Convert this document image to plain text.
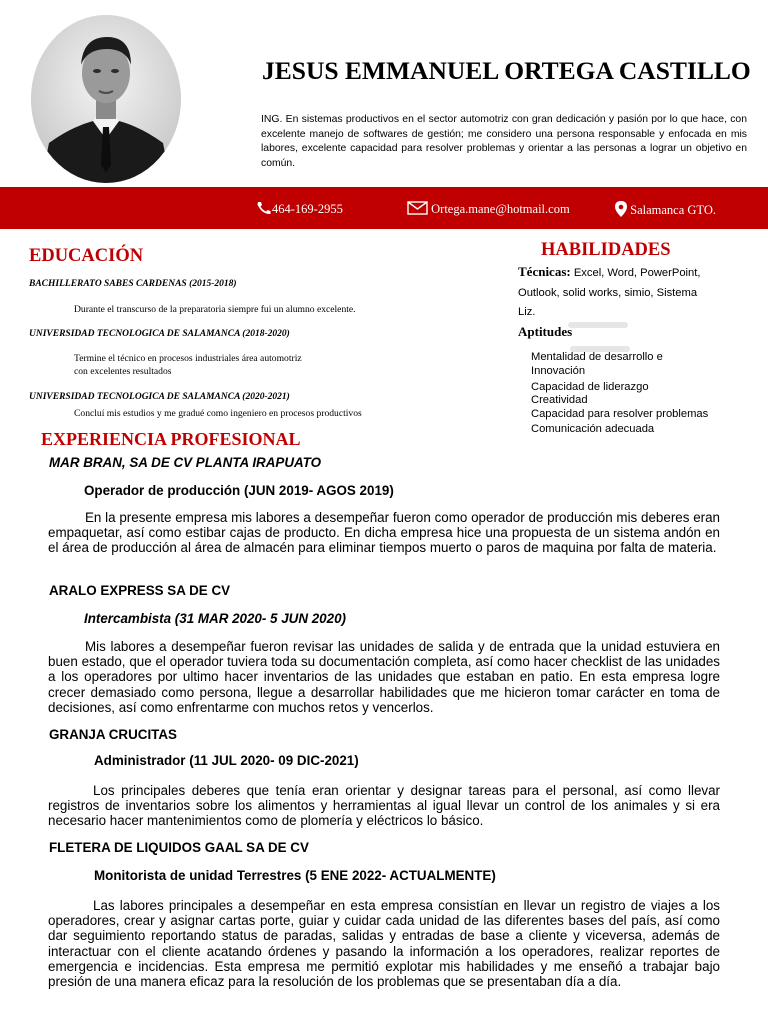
JESUS EMMANUEL ORTEGA CASTILLO
ING. En sistemas productivos en el sector automotriz con gran dedicación y pasión por lo que hace, con excelente manejo de softwares de gestión; me considero una persona responsable y enfocada en mis labores, excelente capacidad para resolver problemas y orientar a las personas a lograr un objetivo en común.
464-169-2955	Ortega.mane@hotmail.com	Salamanca GTO.
EDUCACIÓN
BACHILLERATO SABES CARDENAS (2015-2018)
Durante el transcurso de la preparatoria siempre fui un alumno excelente.
UNIVERSIDAD TECNOLOGICA DE SALAMANCA (2018-2020)
Termine el técnico en procesos industriales área automotriz
con excelentes resultados
UNIVERSIDAD TECNOLOGICA DE SALAMANCA (2020-2021)
Concluí mis estudios y me gradué como ingeniero en procesos productivos
HABILIDADES
Técnicas: Excel, Word, PowerPoint,
Outlook, solid works, simio, Sistema
Liz.
Aptitudes
Mentalidad de desarrollo e
Innovación
Capacidad de liderazgo
Creatividad
Capacidad para resolver problemas
Comunicación adecuada
EXPERIENCIA PROFESIONAL
MAR BRAN, SA DE CV PLANTA IRAPUATO
Operador de producción (JUN 2019- AGOS 2019)
En la presente empresa mis labores a desempeñar fueron como operador de producción mis deberes eran empaquetar, así como estibar cajas de producto. En dicha empresa hice una propuesta de un sistema andón en el área de producción al área de almacén para eliminar tiempos muerto o paros de maquina por falta de materia.
ARALO EXPRESS SA DE CV
Intercambista (31 MAR 2020- 5 JUN 2020)
Mis labores a desempeñar fueron revisar las unidades de salida y de entrada que la unidad estuviera en buen estado, que el operador tuviera toda su documentación completa, así como hacer checklist de las unidades a los operadores por ultimo hacer inventarios de las unidades que estaban en patio. En esta empresa logre crecer demasiado como persona, llegue a desarrollar habilidades que me hicieron tomar carácter en toma de decisiones, así como enfrentarme con muchos retos y vencerlos.
GRANJA CRUCITAS
Administrador (11 JUL 2020- 09 DIC-2021)
Los principales deberes que tenía eran orientar y designar tareas para el personal, así como llevar registros de inventarios sobre los alimentos y herramientas al igual llevar un control de los animales y si era necesario hacer mantenimientos como de plomería y eléctricos lo básico.
FLETERA DE LIQUIDOS GAAL SA DE CV
Monitorista de unidad Terrestres (5 ENE 2022- ACTUALMENTE)
Las labores principales a desempeñar en esta empresa consistían en llevar un registro de viajes a los operadores, crear y asignar cartas porte, guiar y cuidar cada unidad de las diferentes bases del país, así como dar seguimiento reportando status de paradas, salidas y entradas de base a cliente y viceversa, además de interactuar con el cliente acatando órdenes y pasando la información a los operadores, realizar reportes de emergencia e incidencias. Esta empresa me permitió explotar mis habilidades y me enseñó a trabajar bajo presión de una manera eficaz para la resolución de los problemas que se presentaban día a día.
